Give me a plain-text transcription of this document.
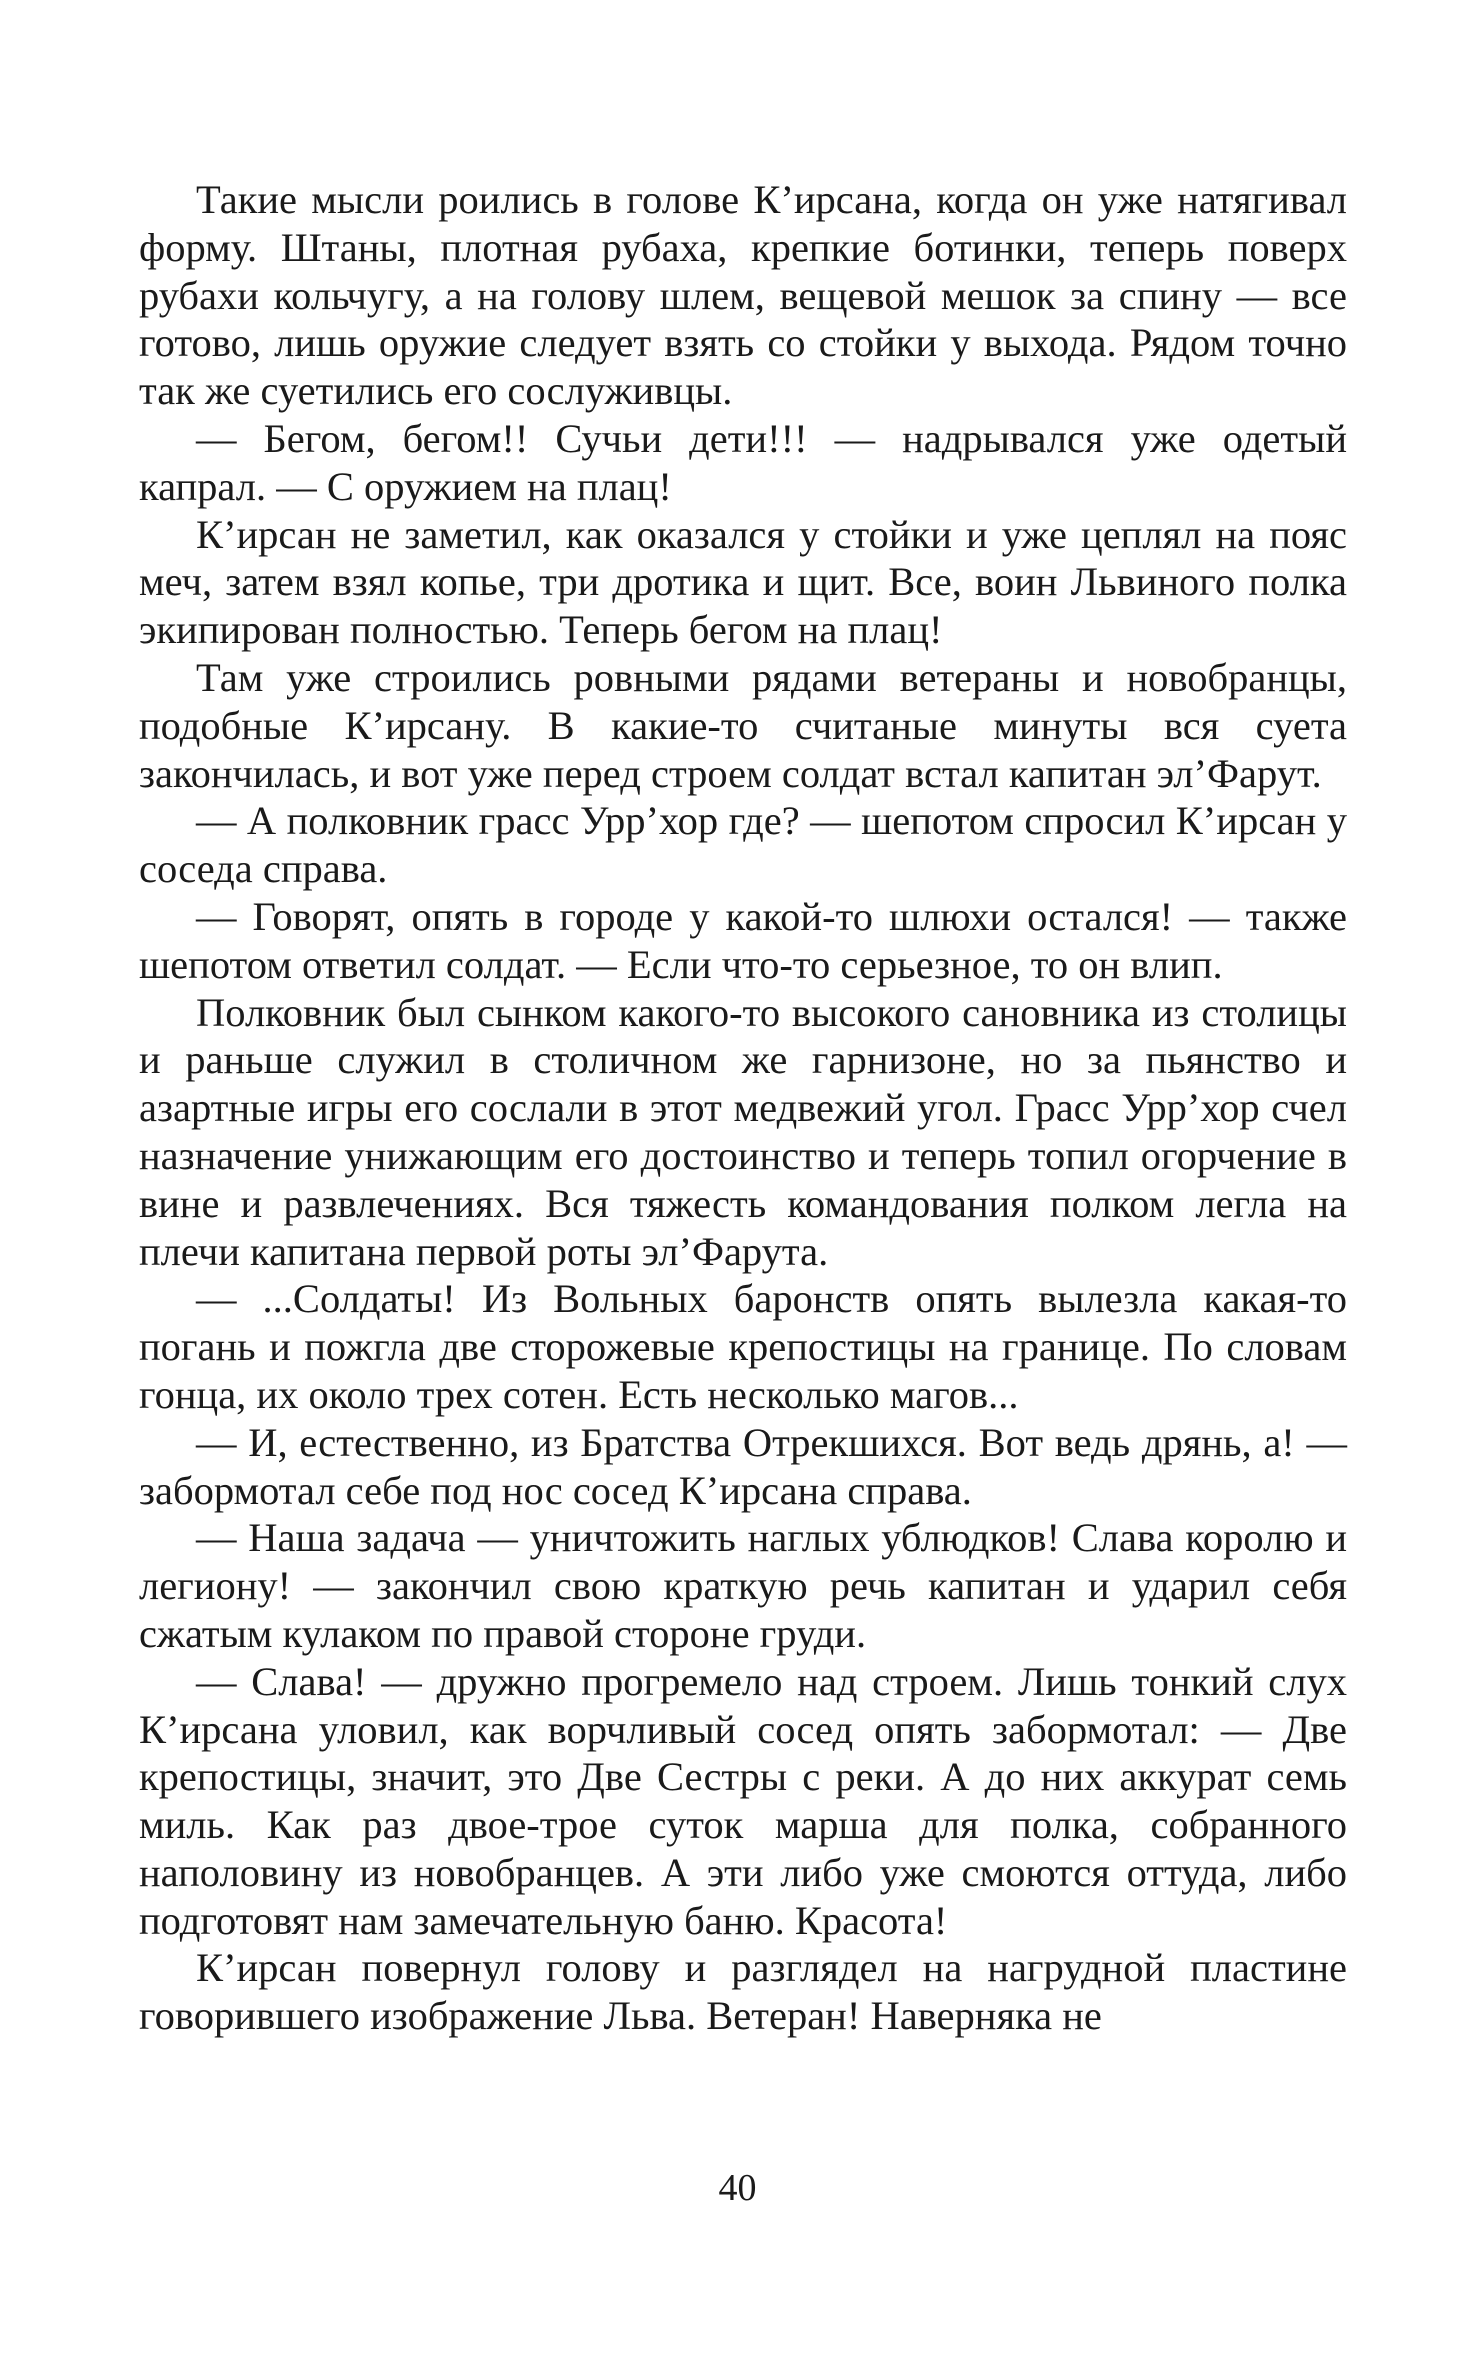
Такие мысли роились в голове К’ирсана, когда он уже натягивал форму. Штаны, плотная рубаха, крепкие ботинки, теперь поверх рубахи кольчугу, а на голову шлем, вещевой мешок за спину — все готово, лишь оружие следует взять со стойки у выхода. Рядом точно так же суетились его сослуживцы.

— Бегом, бегом!! Сучьи дети!!! — надрывался уже одетый капрал. — С оружием на плац!

К’ирсан не заметил, как оказался у стойки и уже цеплял на пояс меч, затем взял копье, три дротика и щит. Все, воин Львиного полка экипирован полностью. Теперь бегом на плац!

Там уже строились ровными рядами ветераны и новобранцы, подобные К’ирсану. В какие-то считаные минуты вся суета закончилась, и вот уже перед строем солдат встал капитан эл’Фарут.

— А полковник грасс Урр’хор где? — шепотом спросил К’ирсан у соседа справа.

— Говорят, опять в городе у какой-то шлюхи остался! — также шепотом ответил солдат. — Если что-то серьезное, то он влип.

Полковник был сынком какого-то высокого сановника из столицы и раньше служил в столичном же гарнизоне, но за пьянство и азартные игры его сослали в этот медвежий угол. Грасс Урр’хор счел назначение унижающим его достоинство и теперь топил огорчение в вине и развлечениях. Вся тяжесть командования полком легла на плечи капитана первой роты эл’Фарута.

— ...Солдаты! Из Вольных баронств опять вылезла какая-то погань и пожгла две сторожевые крепостицы на границе. По словам гонца, их около трех сотен. Есть несколько магов...

— И, естественно, из Братства Отрекшихся. Вот ведь дрянь, а! — забормотал себе под нос сосед К’ирсана справа.

— Наша задача — уничтожить наглых ублюдков! Слава королю и легиону! — закончил свою краткую речь капитан и ударил себя сжатым кулаком по правой стороне груди.

— Слава! — дружно прогремело над строем. Лишь тонкий слух К’ирсана уловил, как ворчливый сосед опять забормотал: — Две крепостицы, значит, это Две Сестры с реки. А до них аккурат семь миль. Как раз двое-трое суток марша для полка, собранного наполовину из новобранцев. А эти либо уже смоются оттуда, либо подготовят нам замечательную баню. Красота!

К’ирсан повернул голову и разглядел на нагрудной пластине говорившего изображение Льва. Ветеран! Наверняка не

40
